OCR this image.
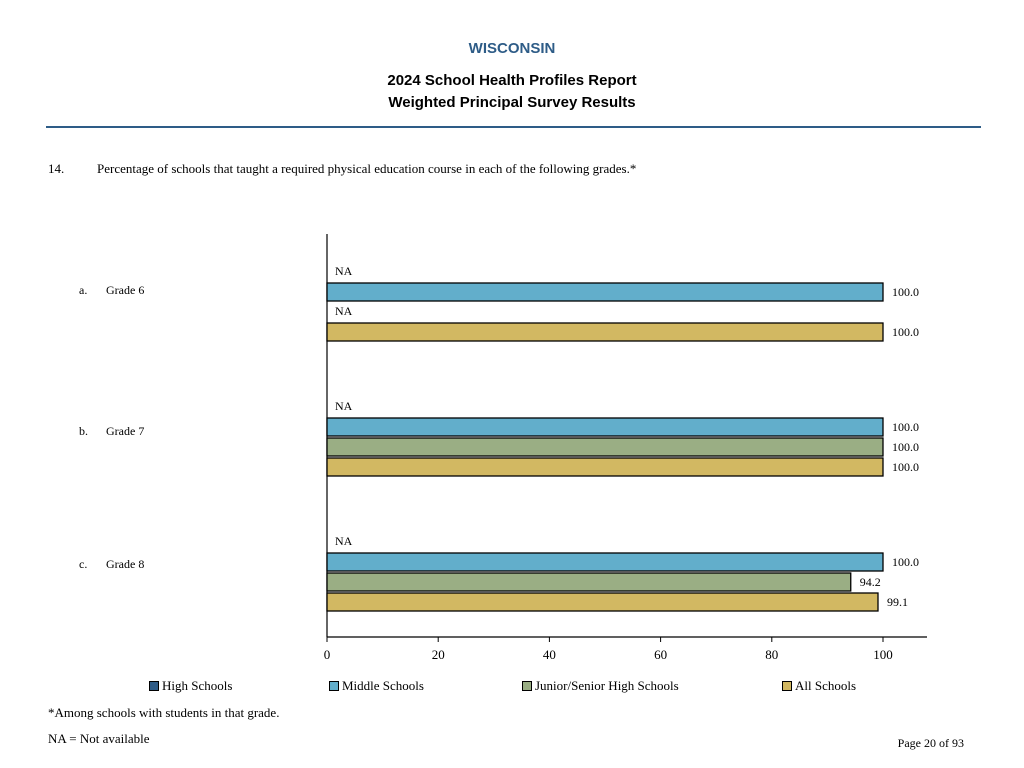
WISCONSIN
2024 School Health Profiles Report
Weighted Principal Survey Results
14.	Percentage of schools that taught a required physical education course in each of the following grades.*
a. Grade 6
b. Grade 7
c. Grade 8
0	20	40	60	80	100
NA
100.0
NA
100.0
NA
100.0
100.0
100.0
NA
100.0
94.2
99.1
High Schools	Middle Schools	Junior/Senior High Schools	All Schools
*Among schools with students in that grade.
NA = Not available	Page 20 of 93
